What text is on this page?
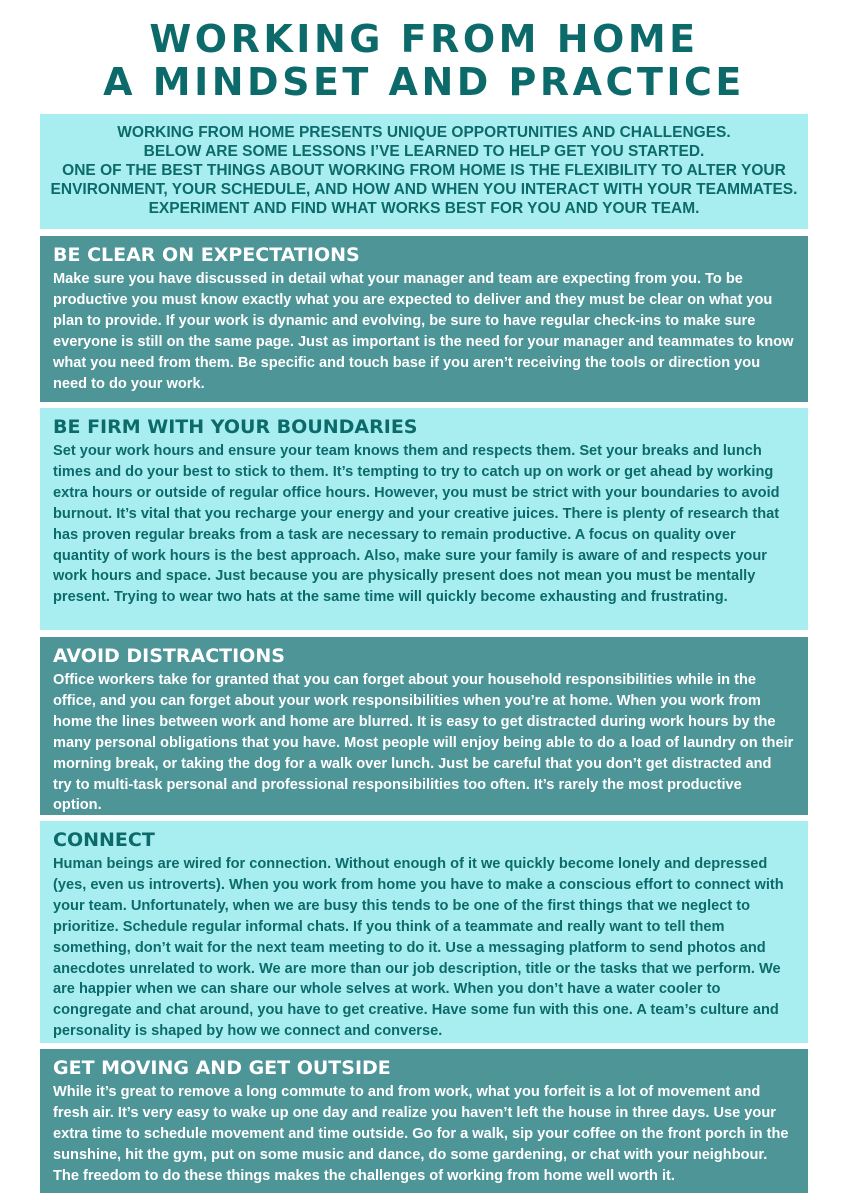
WORKING FROM HOME
A MINDSET AND PRACTICE
WORKING FROM HOME PRESENTS UNIQUE OPPORTUNITIES AND CHALLENGES.
BELOW ARE SOME LESSONS I’VE LEARNED TO HELP GET YOU STARTED.
ONE OF THE BEST THINGS ABOUT WORKING FROM HOME IS THE FLEXIBILITY TO ALTER YOUR
ENVIRONMENT, YOUR SCHEDULE, AND HOW AND WHEN YOU INTERACT WITH YOUR TEAMMATES.
EXPERIMENT AND FIND WHAT WORKS BEST FOR YOU AND YOUR TEAM.
BE CLEAR ON EXPECTATIONS

Make sure you have discussed in detail what your manager and team are expecting from you. To be productive you must know exactly what you are expected to deliver and they must be clear on what you plan to provide. If your work is dynamic and evolving, be sure to have regular check-ins to make sure everyone is still on the same page. Just as important is the need for your manager and teammates to know what you need from them. Be specific and touch base if you aren’t receiving the tools or direction you need to do your work.

BE FIRM WITH YOUR BOUNDARIES

Set your work hours and ensure your team knows them and respects them. Set your breaks and lunch times and do your best to stick to them. It’s tempting to try to catch up on work or get ahead by working extra hours or outside of regular office hours. However, you must be strict with your boundaries to avoid burnout. It’s vital that you recharge your energy and your creative juices. There is plenty of research that has proven regular breaks from a task are necessary to remain productive. A focus on quality over quantity of work hours is the best approach. Also, make sure your family is aware of and respects your work hours and space. Just because you are physically present does not mean you must be mentally present. Trying to wear two hats at the same time will quickly become exhausting and frustrating.

AVOID DISTRACTIONS

Office workers take for granted that you can forget about your household responsibilities while in the office, and you can forget about your work responsibilities when you’re at home. When you work from home the lines between work and home are blurred. It is easy to get distracted during work hours by the many personal obligations that you have. Most people will enjoy being able to do a load of laundry on their morning break, or taking the dog for a walk over lunch. Just be careful that you don’t get distracted and try to multi-task personal and professional responsibilities too often. It’s rarely the most productive option.

CONNECT

Human beings are wired for connection. Without enough of it we quickly become lonely and depressed (yes, even us introverts). When you work from home you have to make a conscious effort to connect with your team. Unfortunately, when we are busy this tends to be one of the first things that we neglect to prioritize. Schedule regular informal chats. If you think of a teammate and really want to tell them something, don’t wait for the next team meeting to do it. Use a messaging platform to send photos and anecdotes unrelated to work. We are more than our job description, title or the tasks that we perform. We are happier when we can share our whole selves at work. When you don’t have a water cooler to congregate and chat around, you have to get creative. Have some fun with this one. A team’s culture and personality is shaped by how we connect and converse.

GET MOVING AND GET OUTSIDE

While it’s great to remove a long commute to and from work, what you forfeit is a lot of movement and fresh air. It’s very easy to wake up one day and realize you haven’t left the house in three days. Use your extra time to schedule movement and time outside. Go for a walk, sip your coffee on the front porch in the sunshine, hit the gym, put on some music and dance, do some gardening, or chat with your neighbour. The freedom to do these things makes the challenges of working from home well worth it.
